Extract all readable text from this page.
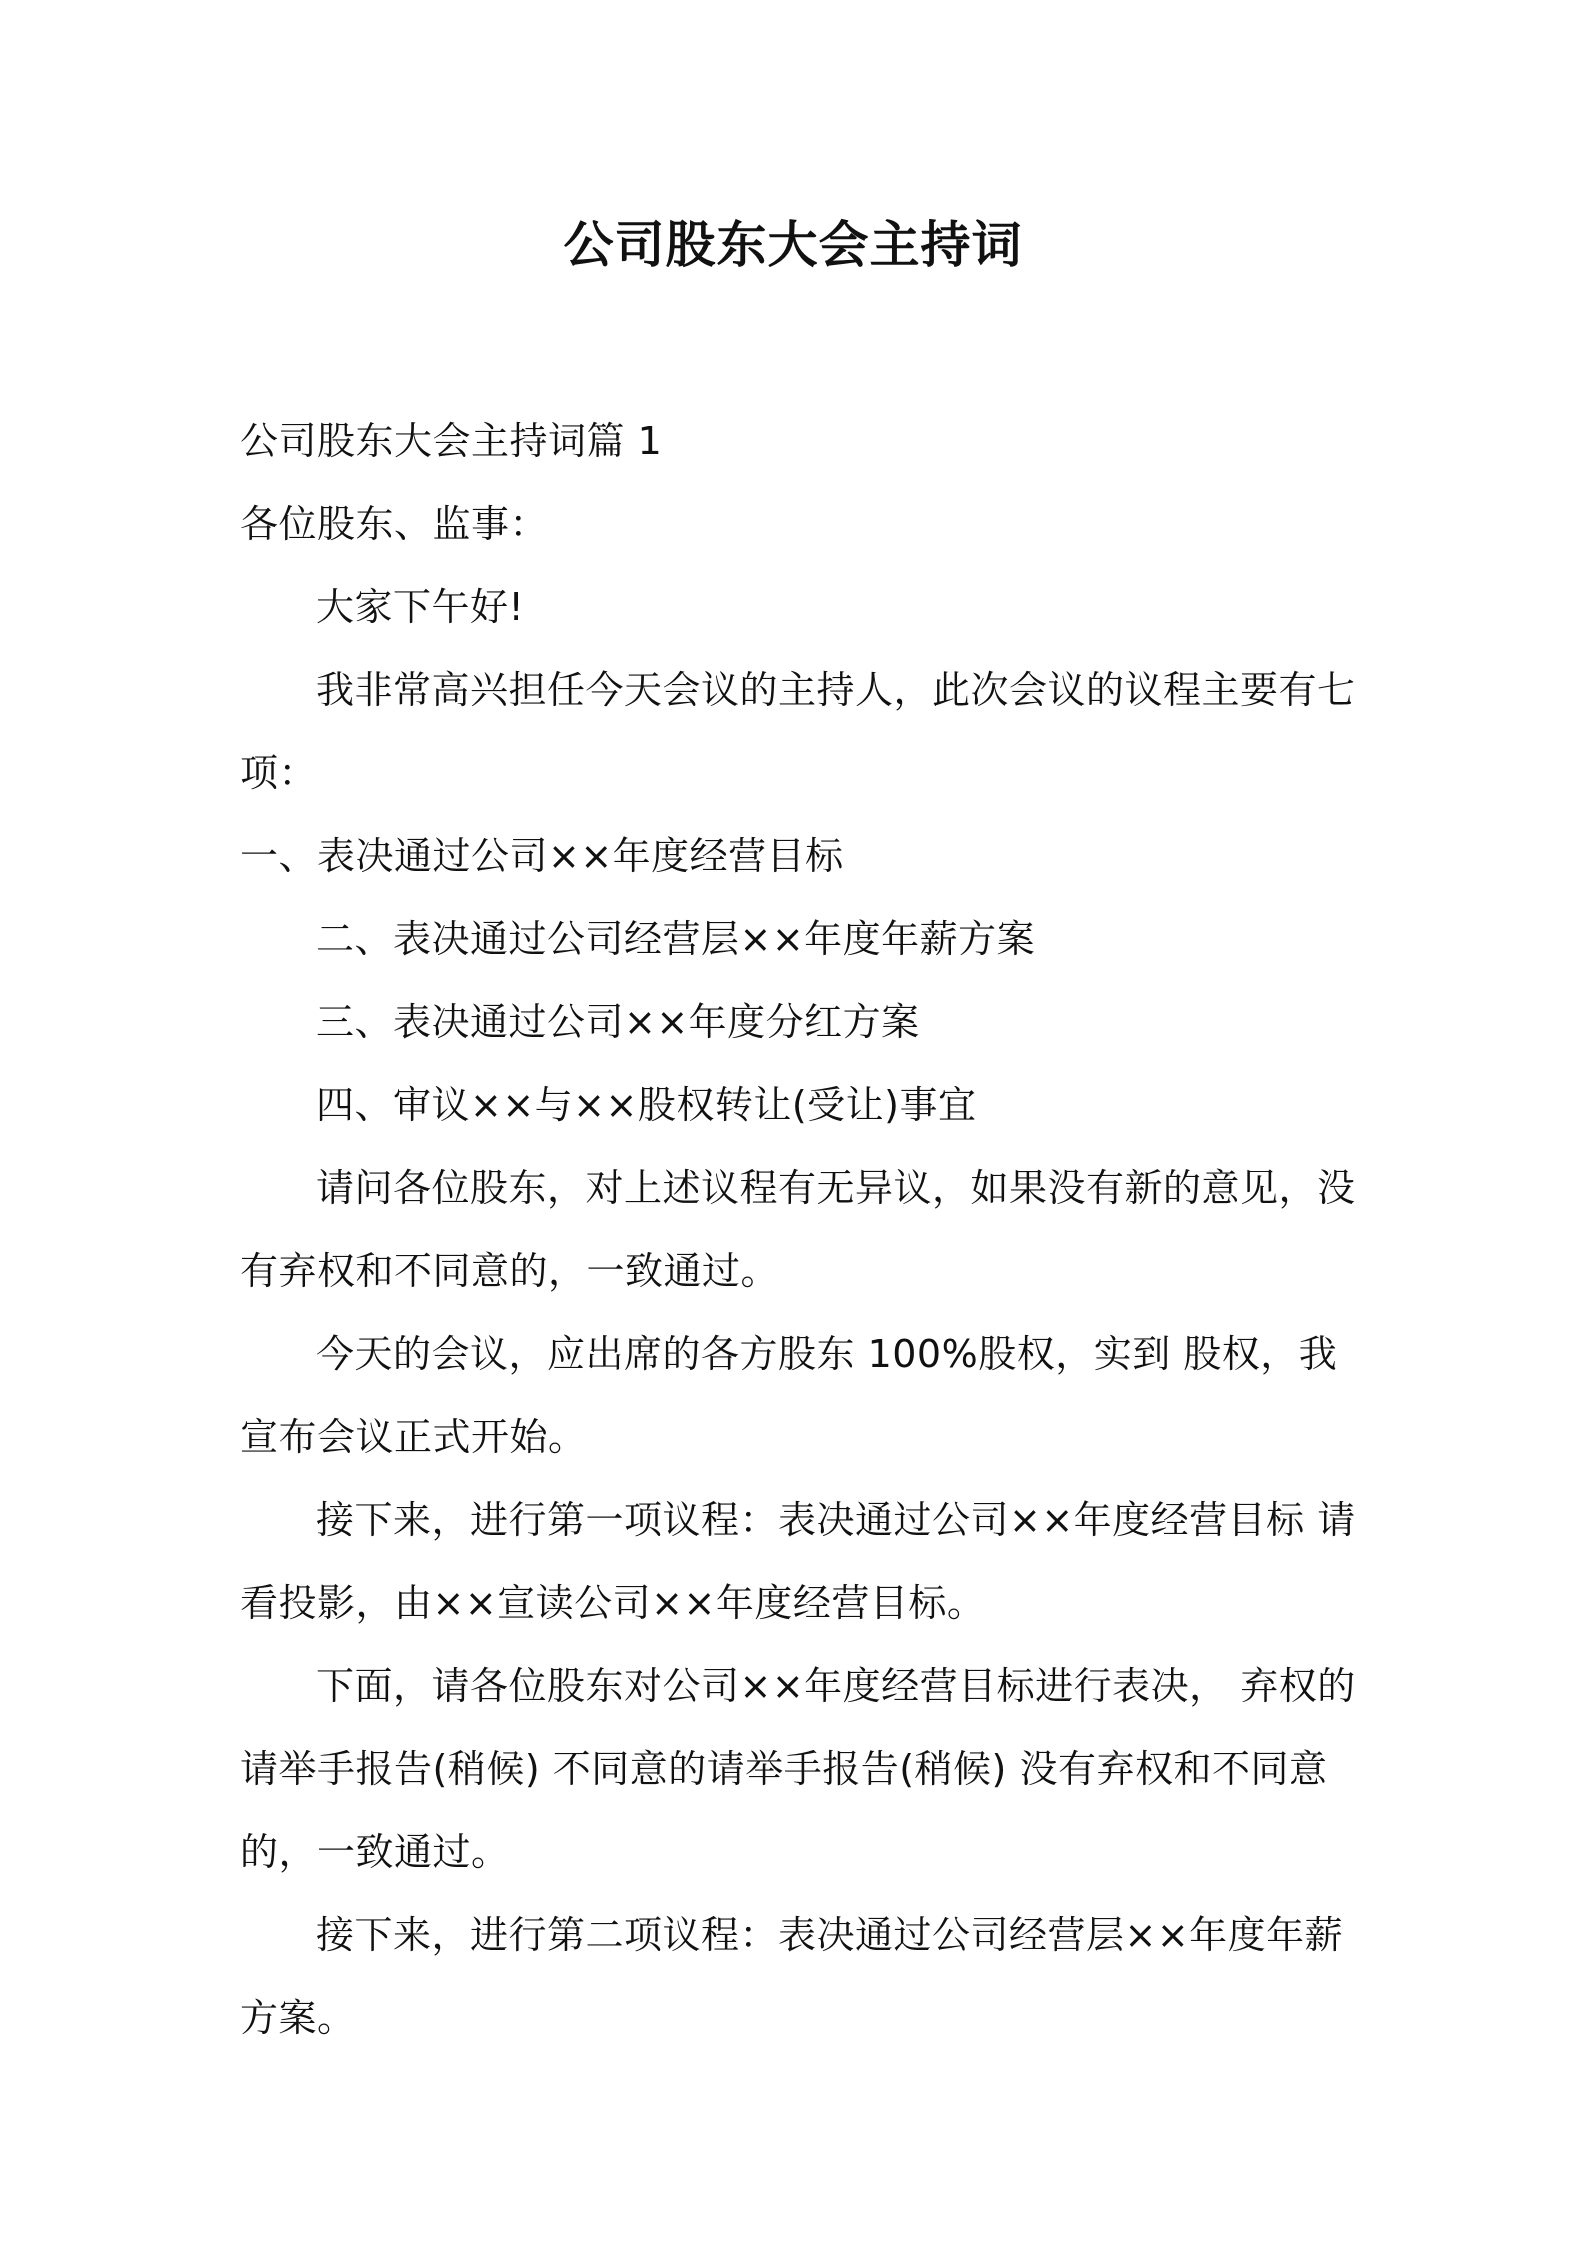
公司股东大会主持词

公司股东大会主持词篇 1

各位股东、监事：

大家下午好!

我非常高兴担任今天会议的主持人，此次会议的议程主要有七项：

一、表决通过公司××年度经营目标

二、表决通过公司经营层××年度年薪方案

三、表决通过公司××年度分红方案

四、审议××与××股权转让(受让)事宜

请问各位股东，对上述议程有无异议，如果没有新的意见，没有弃权和不同意的，一致通过。

今天的会议，应出席的各方股东 100%股权，实到 股权，我宣布会议正式开始。

接下来，进行第一项议程：表决通过公司××年度经营目标 请看投影，由××宣读公司××年度经营目标。

下面，请各位股东对公司××年度经营目标进行表决， 弃权的请举手报告(稍候) 不同意的请举手报告(稍候) 没有弃权和不同意的，一致通过。

接下来，进行第二项议程：表决通过公司经营层××年度年薪方案。
